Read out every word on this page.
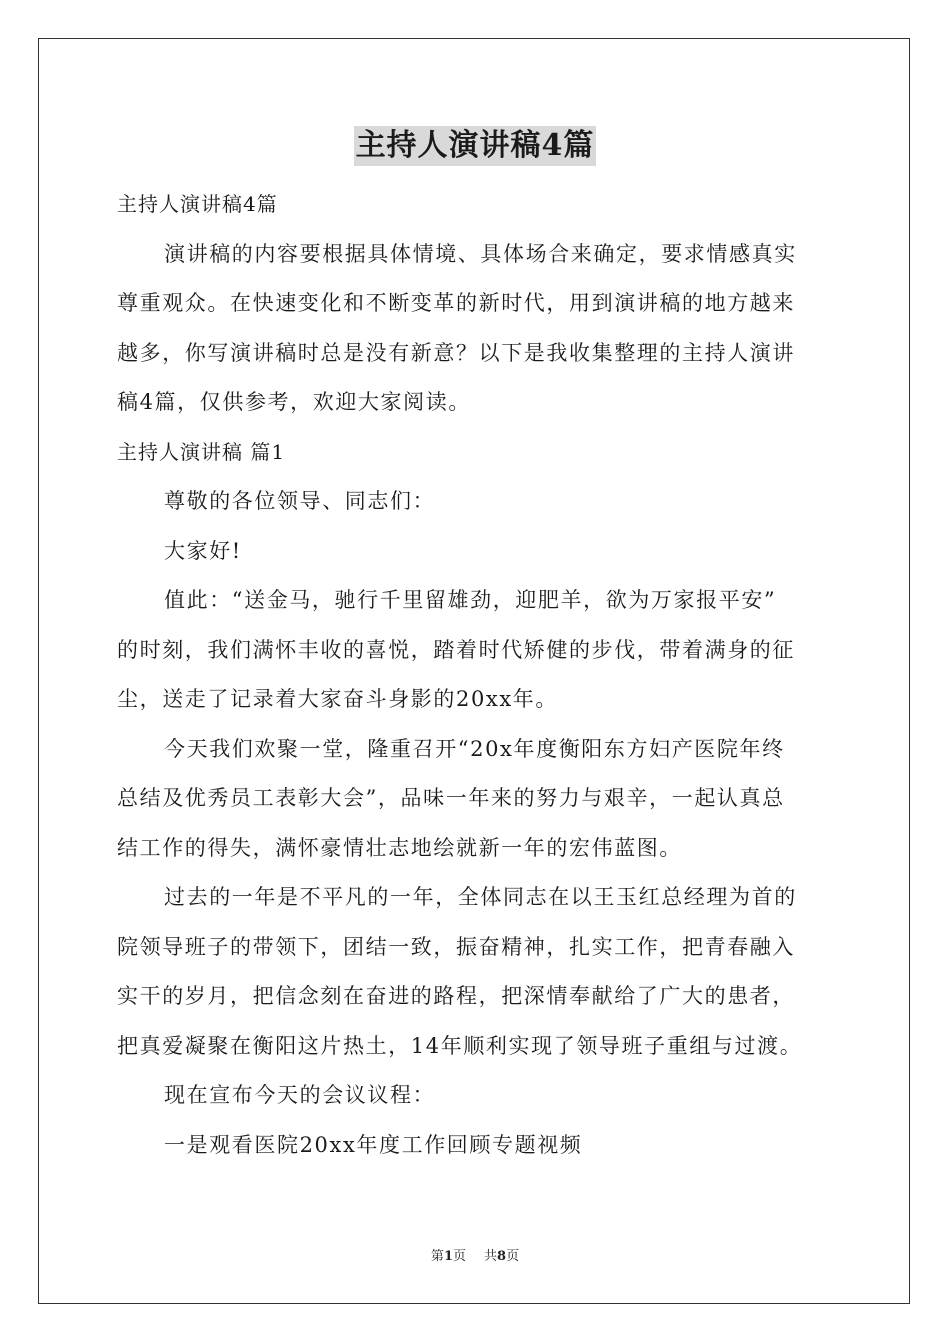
主持人演讲稿4篇
主持人演讲稿4篇
演讲稿的内容要根据具体情境、具体场合来确定，要求情感真实
尊重观众。在快速变化和不断变革的新时代，用到演讲稿的地方越来
越多，你写演讲稿时总是没有新意？以下是我收集整理的主持人演讲
稿4篇，仅供参考，欢迎大家阅读。
主持人演讲稿 篇1
尊敬的各位领导、同志们：
大家好!
值此：“送金马，驰行千里留雄劲，迎肥羊，欲为万家报平安”
的时刻，我们满怀丰收的喜悦，踏着时代矫健的步伐，带着满身的征
尘，送走了记录着大家奋斗身影的20xx年。
今天我们欢聚一堂，隆重召开“20x年度衡阳东方妇产医院年终
总结及优秀员工表彰大会”，品味一年来的努力与艰辛，一起认真总
结工作的得失，满怀豪情壮志地绘就新一年的宏伟蓝图。
过去的一年是不平凡的一年，全体同志在以王玉红总经理为首的
院领导班子的带领下，团结一致，振奋精神，扎实工作，把青春融入
实干的岁月，把信念刻在奋进的路程，把深情奉献给了广大的患者，
把真爱凝聚在衡阳这片热土，14年顺利实现了领导班子重组与过渡。
现在宣布今天的会议议程：
一是观看医院20xx年度工作回顾专题视频
第1页 共8页
